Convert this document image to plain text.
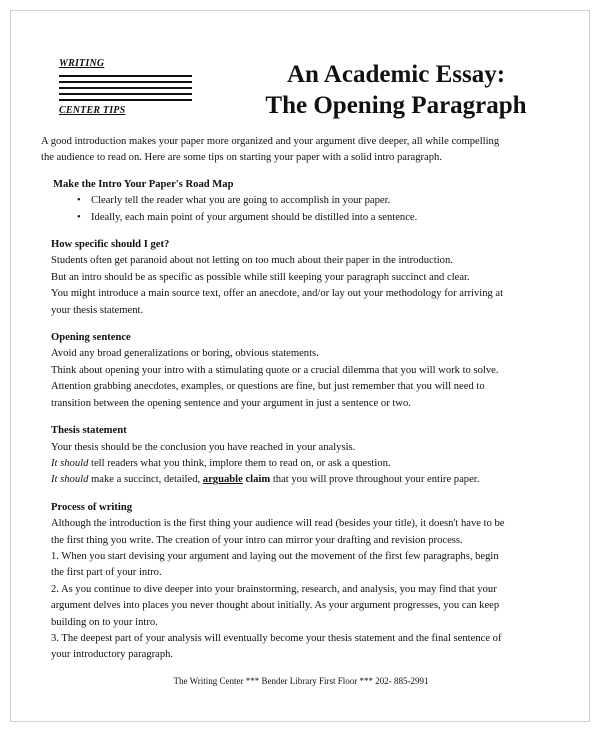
WRITING
CENTER TIPS
An Academic Essay:
The Opening Paragraph

A good introduction makes your paper more organized and your argument dive deeper, all while compelling
the audience to read on. Here are some tips on starting your paper with a solid intro paragraph.

Make the Intro Your Paper's Road Map

• Clearly tell the reader what you are going to accomplish in your paper.
• Ideally, each main point of your argument should be distilled into a sentence.

How specific should I get?

Students often get paranoid about not letting on too much about their paper in the introduction.

But an intro should be as specific as possible while still keeping your paragraph succinct and clear.

You might introduce a main source text, offer an anecdote, and/or lay out your methodology for arriving at

your thesis statement.

Opening sentence

Avoid any broad generalizations or boring, obvious statements.

Think about opening your intro with a stimulating quote or a crucial dilemma that you will work to solve.

Attention grabbing anecdotes, examples, or questions are fine, but just remember that you will need to

transition between the opening sentence and your argument in just a sentence or two.

Thesis statement

Your thesis should be the conclusion you have reached in your analysis.

It should tell readers what you think, implore them to read on, or ask a question.

It should make a succinct, detailed, arguable claim that you will prove throughout your entire paper.

Process of writing

Although the introduction is the first thing your audience will read (besides your title), it doesn't have to be

the first thing you write. The creation of your intro can mirror your drafting and revision process.

1. When you start devising your argument and laying out the movement of the first few paragraphs, begin

the first part of your intro.

2. As you continue to dive deeper into your brainstorming, research, and analysis, you may find that your

argument delves into places you never thought about initially. As your argument progresses, you can keep

building on to your intro.

3. The deepest part of your analysis will eventually become your thesis statement and the final sentence of

your introductory paragraph.

The Writing Center *** Bender Library First Floor *** 202- 885-2991
